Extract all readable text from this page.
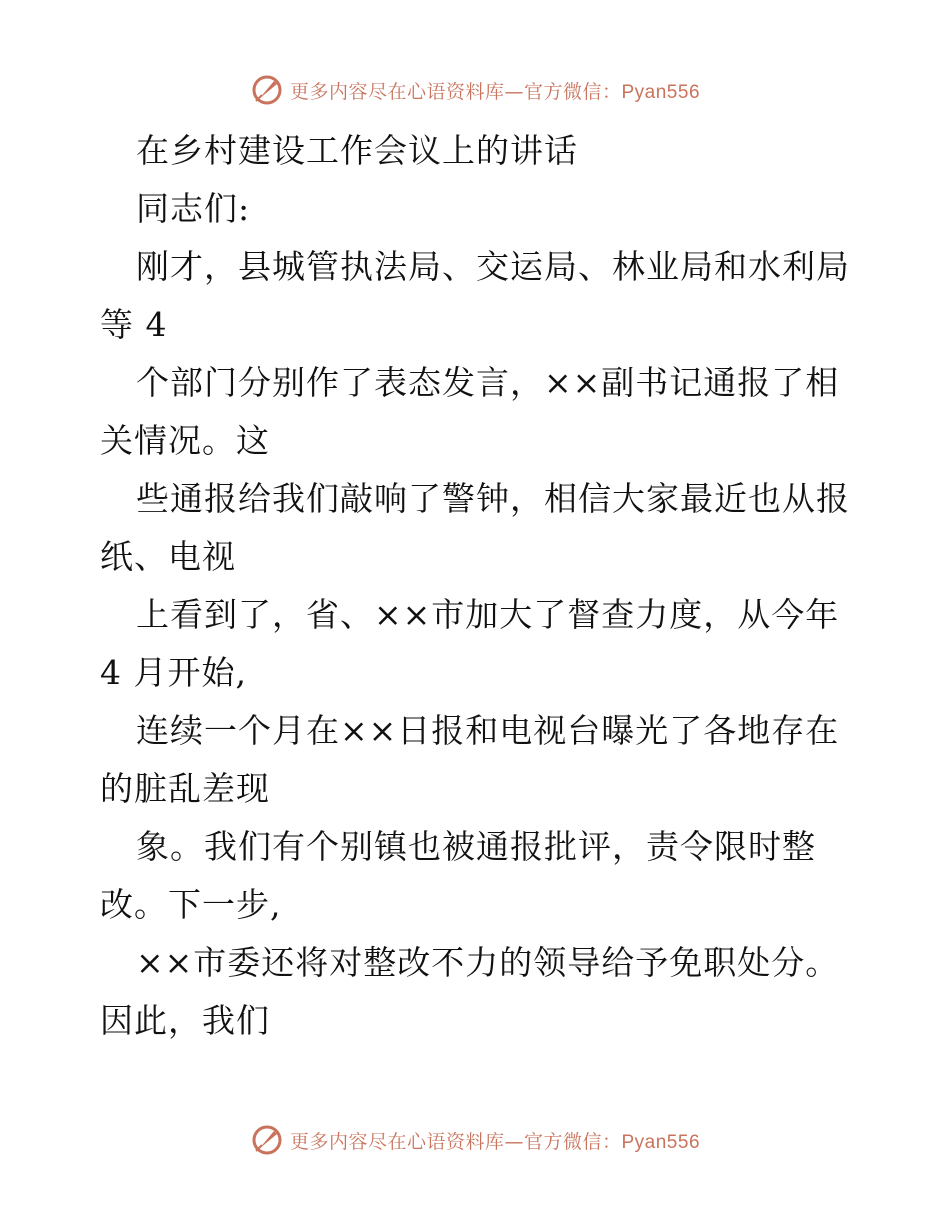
更多内容尽在心语资料库—官方微信：Pyan556
在乡村建设工作会议上的讲话
同志们:
刚才，县城管执法局、交运局、林业局和水利局
等 4
个部门分别作了表态发言，××副书记通报了相
关情况。这
些通报给我们敲响了警钟，相信大家最近也从报
纸、电视
上看到了，省、××市加大了督查力度，从今年
4 月开始,
连续一个月在××日报和电视台曝光了各地存在
的脏乱差现
象。我们有个别镇也被通报批评，责令限时整
改。下一步,
××市委还将对整改不力的领导给予免职处分。
因此，我们
更多内容尽在心语资料库—官方微信：Pyan556
